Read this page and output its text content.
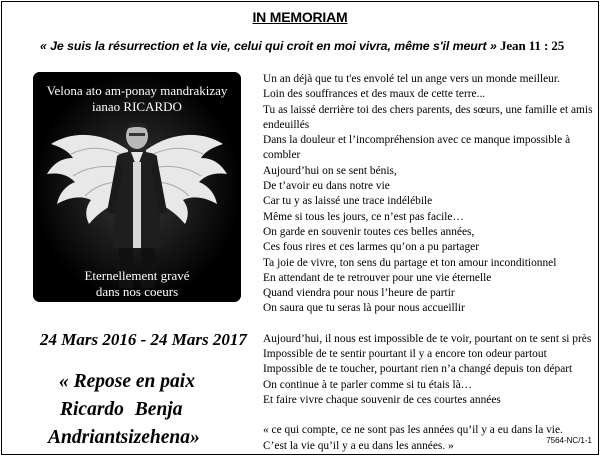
IN MEMORIAM
« Je suis la résurrection et la vie, celui qui croit en moi vivra, même s'il meurt » Jean 11 : 25
Velona ato am-ponay mandrakizay
ianao RICARDO
Eternellement gravé
dans nos coeurs
24 Mars 2016 - 24 Mars 2017
« Repose en paix
Ricardo Benja
Andriantsizehena»
Un an déjà que tu t'es envolé tel un ange vers un monde meilleur.
Loin des souffrances et des maux de cette terre...
Tu as laissé derrière toi des chers parents, des sœurs, une famille et amis
endeuillés
Dans la douleur et l’incompréhension avec ce manque impossible à
combler
Aujourd’hui on se sent bénis,
De t’avoir eu dans notre vie
Car tu y as laissé une trace indélébile
Même si tous les jours, ce n’est pas facile…
On garde en souvenir toutes ces belles années,
Ces fous rires et ces larmes qu’on a pu partager
Ta joie de vivre, ton sens du partage et ton amour inconditionnel
En attendant de te retrouver pour une vie éternelle
Quand viendra pour nous l’heure de partir
On saura que tu seras là pour nous accueillir
Aujourd’hui, il nous est impossible de te voir, pourtant on te sent si près
Impossible de te sentir pourtant il y a encore ton odeur partout
Impossible de te toucher, pourtant rien n’a changé depuis ton départ
On continue à te parler comme si tu étais là…
Et faire vivre chaque souvenir de ces courtes années
« ce qui compte, ce ne sont pas les années qu’il y a eu dans la vie.
C’est la vie qu’il y a eu dans les années. »	7564-NC/1-1
